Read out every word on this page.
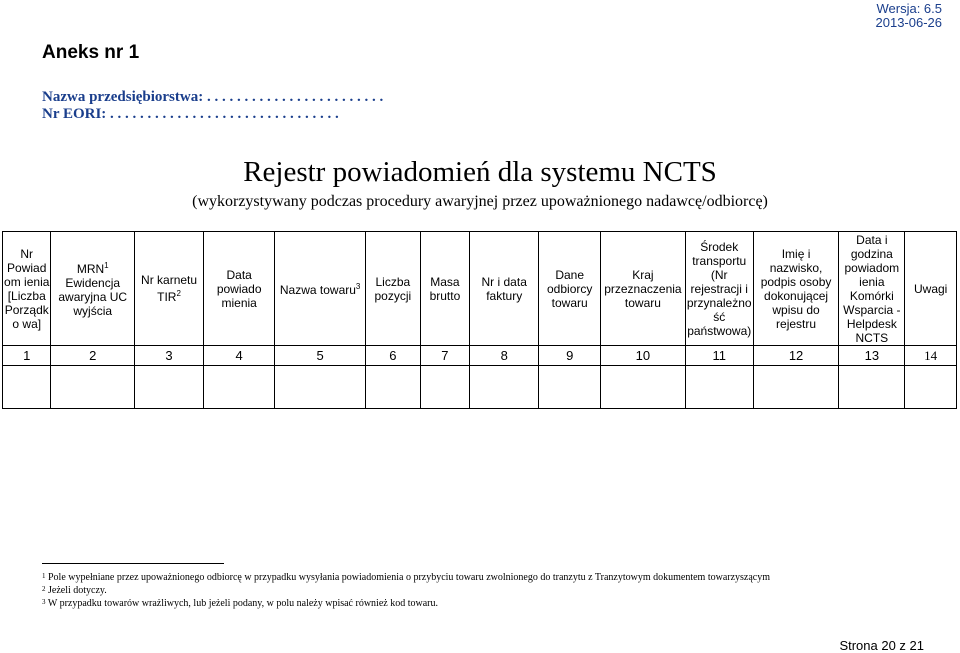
Wersja: 6.5
2013-06-26
Aneks nr 1
Nazwa przedsiębiorstwa: . . . . . . . . . . . . . . . . . . . . . . . .
Nr EORI: . . . . . . . . . . . . . . . . . . . . . . . . . . . . . . .
Rejestr powiadomień dla systemu NCTS
(wykorzystywany podczas procedury awaryjnej przez upoważnionego nadawcę/odbiorcę)
Nr Powiadom ienia [Liczba Porządko wa]	MRN$^1$ Ewidencja awaryjna UC wyjścia	Nr karnetu TIR$^2$	Data powiado mienia	Nazwa towaru$^3$	Liczba pozycji	Masa brutto	Nr i data faktury	Dane odbiorcy towaru	Kraj przeznaczenia towaru	Środek transportu (Nr rejestracji i przynależność państwowa)	Imię i nazwisko, podpis osoby dokonującej wpisu do rejestru	Data i godzina powiadom ienia Komórki Wsparcia - Helpdesk NCTS	Uwagi
1	2	3	4	5	6	7	8	9	10	11	12	13	14

$^1$ Pole wypełniane przez upoważnionego odbiorcę w przypadku wysyłania powiadomienia o przybyciu towaru zwolnionego do tranzytu z Tranzytowym dokumentem towarzyszącym
$^2$ Jeżeli dotyczy.
$^3$ W przypadku towarów wrażliwych, lub jeżeli podany, w polu należy wpisać również kod towaru.
Strona 20 z 21
